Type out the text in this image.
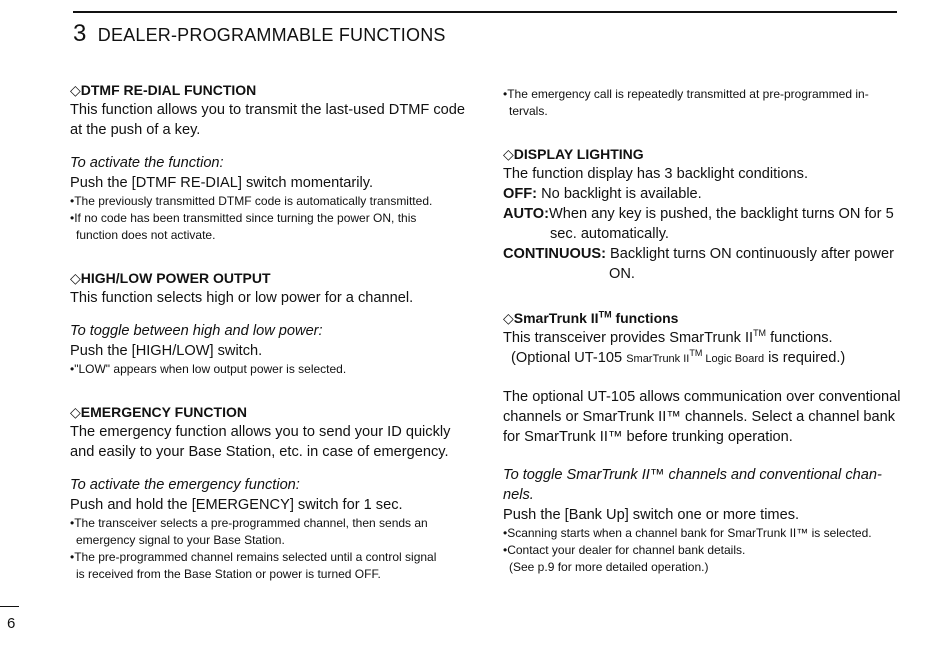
3 DEALER-PROGRAMMABLE FUNCTIONS

◇DTMF RE-DIAL FUNCTION

This function allows you to transmit the last-used DTMF code

at the push of a key.

To activate the function:

Push the [DTMF RE-DIAL] switch momentarily.

•The previously transmitted DTMF code is automatically transmitted.

•If no code has been transmitted since turning the power ON, this

function does not activate.

◇HIGH/LOW POWER OUTPUT

This function selects high or low power for a channel.

To toggle between high and low power:

Push the [HIGH/LOW] switch.

•"LOW" appears when low output power is selected.

◇EMERGENCY FUNCTION

The emergency function allows you to send your ID quickly

and easily to your Base Station, etc. in case of emergency.

To activate the emergency function:

Push and hold the [EMERGENCY] switch for 1 sec.

•The transceiver selects a pre-programmed channel, then sends an

emergency signal to your Base Station.

•The pre-programmed channel remains selected until a control signal

is received from the Base Station or power is turned OFF.

•The emergency call is repeatedly transmitted at pre-programmed in-

tervals.

◇DISPLAY LIGHTING

The function display has 3 backlight conditions.

OFF: No backlight is available.

AUTO:When any key is pushed, the backlight turns ON for 5

sec. automatically.

CONTINUOUS: Backlight turns ON continuously after power

ON.

◇SmarTrunk II™ functions

This transceiver provides SmarTrunk II™ functions.

(Optional UT-105 SmarTrunk II™ Logic Board is required.)

The optional UT-105 allows communication over conventional

channels or SmarTrunk II™ channels. Select a channel bank

for SmarTrunk II™ before trunking operation.

To toggle SmarTrunk II™ channels and conventional chan-

nels.

Push the [Bank Up] switch one or more times.

•Scanning starts when a channel bank for SmarTrunk II™ is selected.

•Contact your dealer for channel bank details.

(See p.9 for more detailed operation.)

6
